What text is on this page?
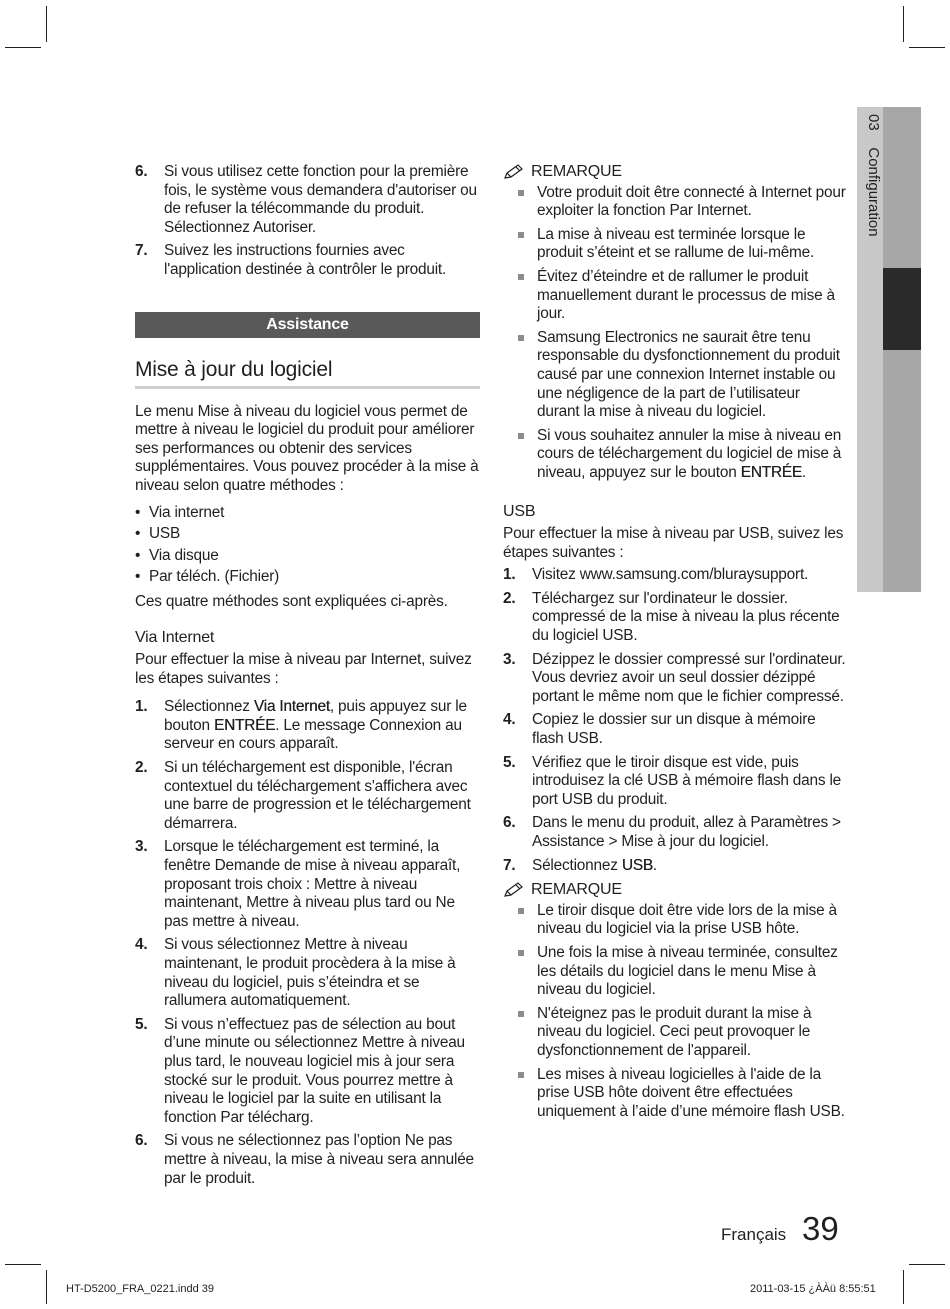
03    Configuration
6. Si vous utilisez cette fonction pour la première fois, le système vous demandera d'autoriser ou de refuser la télécommande du produit. Sélectionnez Autoriser.
7. Suivez les instructions fournies avec l'application destinée à contrôler le produit.
Assistance
Mise à jour du logiciel

Le menu Mise à niveau du logiciel vous permet de mettre à niveau le logiciel du produit pour améliorer ses performances ou obtenir des services supplémentaires. Vous pouvez procéder à la mise à niveau selon quatre méthodes :

• Via internet
• USB
• Via disque
• Par téléch. (Fichier)

Ces quatre méthodes sont expliquées ci-après.

Via Internet

Pour effectuer la mise à niveau par Internet, suivez les étapes suivantes :

1. Sélectionnez Via Internet, puis appuyez sur le bouton ENTRÉE. Le message Connexion au serveur en cours apparaît.
2. Si un téléchargement est disponible, l'écran contextuel du téléchargement s'affichera avec une barre de progression et le téléchargement démarrera.
3. Lorsque le téléchargement est terminé, la fenêtre Demande de mise à niveau apparaît, proposant trois choix : Mettre à niveau maintenant, Mettre à niveau plus tard ou Ne pas mettre à niveau.
4. Si vous sélectionnez Mettre à niveau maintenant, le produit procèdera à la mise à niveau du logiciel, puis s’éteindra et se rallumera automatiquement.
5. Si vous n’effectuez pas de sélection au bout d’une minute ou sélectionnez Mettre à niveau plus tard, le nouveau logiciel mis à jour sera stocké sur le produit. Vous pourrez mettre à niveau le logiciel par la suite en utilisant la fonction Par télécharg.
6. Si vous ne sélectionnez pas l’option Ne pas mettre à niveau, la mise à niveau sera annulée par le produit.
REMARQUE
Votre produit doit être connecté à Internet pour exploiter la fonction Par Internet.
La mise à niveau est terminée lorsque le produit s’éteint et se rallume de lui-même.
Évitez d’éteindre et de rallumer le produit manuellement durant le processus de mise à jour.
Samsung Electronics ne saurait être tenu responsable du dysfonctionnement du produit causé par une connexion Internet instable ou une négligence de la part de l’utilisateur durant la mise à niveau du logiciel.
Si vous souhaitez annuler la mise à niveau en cours de téléchargement du logiciel de mise à niveau, appuyez sur le bouton ENTRÉE.
USB

Pour effectuer la mise à niveau par USB, suivez les étapes suivantes :

1. Visitez www.samsung.com/bluraysupport.
2. Téléchargez sur l'ordinateur le dossier. compressé de la mise à niveau la plus récente du logiciel USB.
3. Dézippez le dossier compressé sur l'ordinateur. Vous devriez avoir un seul dossier dézippé portant le même nom que le fichier compressé.
4. Copiez le dossier sur un disque à mémoire flash USB.
5. Vérifiez que le tiroir disque est vide, puis introduisez la clé USB à mémoire flash dans le port USB du produit.
6. Dans le menu du produit, allez à Paramètres > Assistance > Mise à jour du logiciel.
7. Sélectionnez USB.
REMARQUE
Le tiroir disque doit être vide lors de la mise à niveau du logiciel via la prise USB hôte.
Une fois la mise à niveau terminée, consultez les détails du logiciel dans le menu Mise à niveau du logiciel.
N'éteignez pas le produit durant la mise à niveau du logiciel. Ceci peut provoquer le dysfonctionnement de l'appareil.
Les mises à niveau logicielles à l'aide de la prise USB hôte doivent être effectuées uniquement à l’aide d’une mémoire flash USB.
Français 39
HT-D5200_FRA_0221.indd 39	2011-03-15 ¿ÀÀü 8:55:51
